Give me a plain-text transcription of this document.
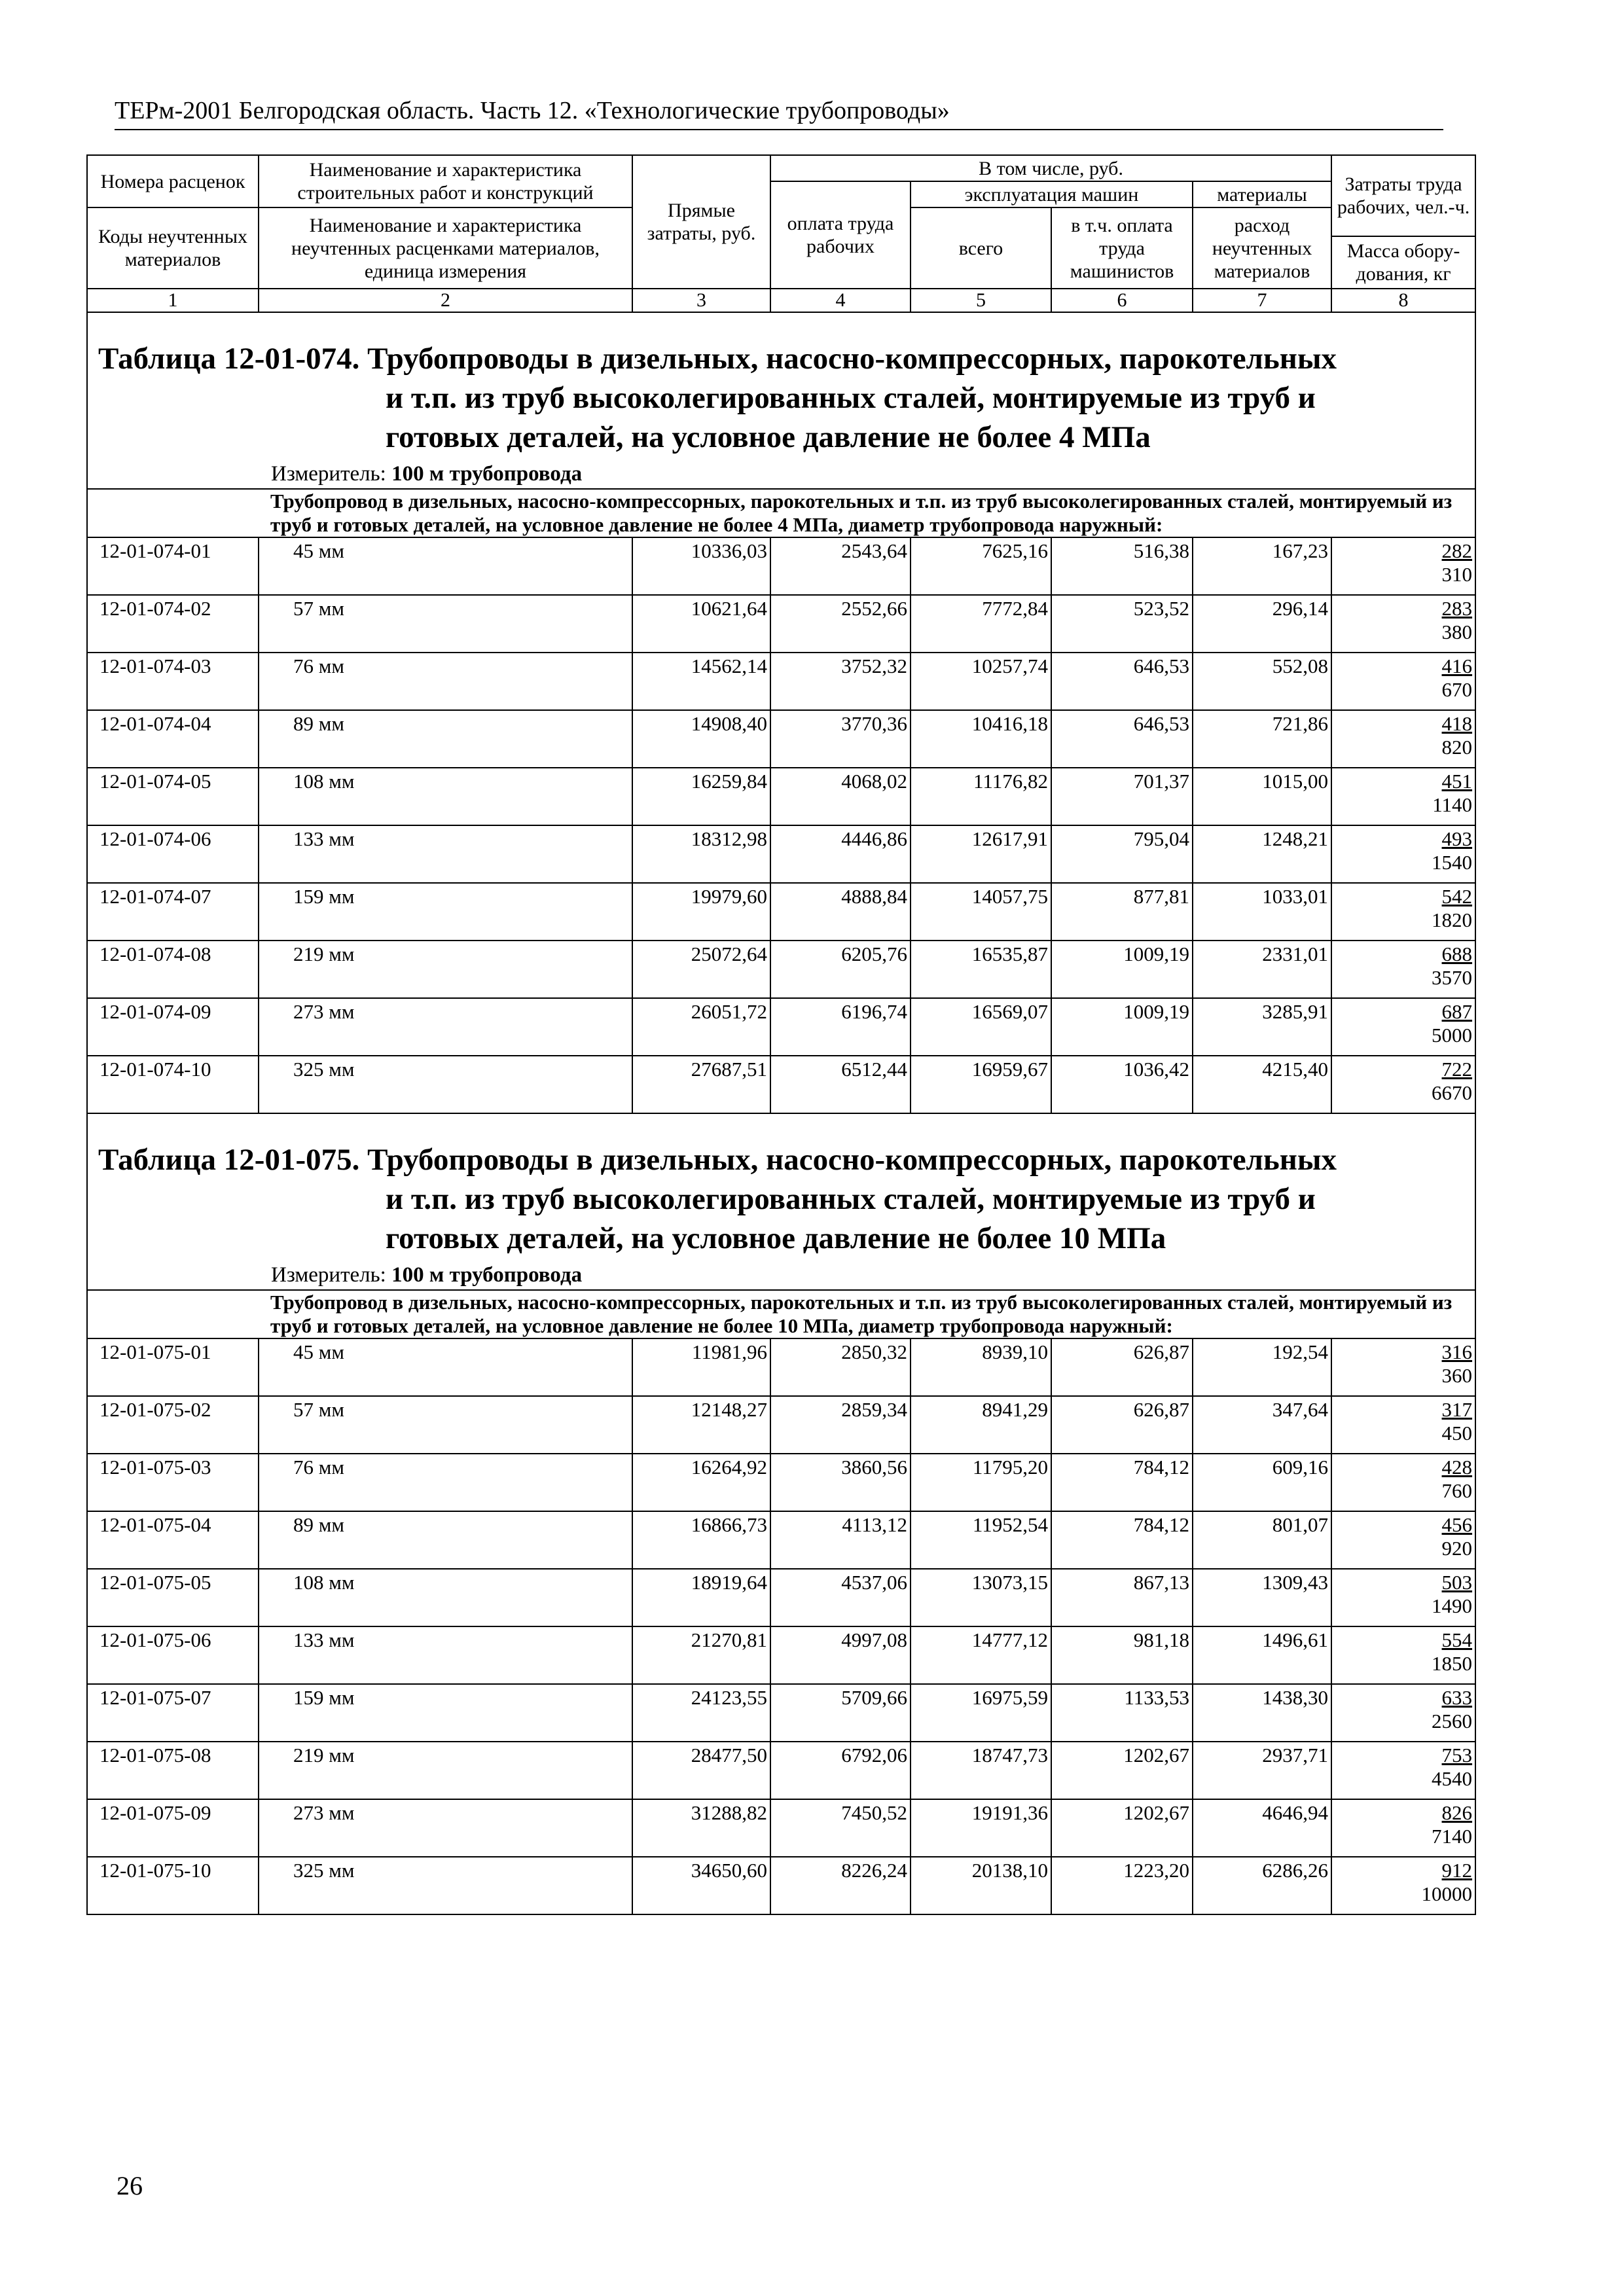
ТЕРм-2001 Белгородская область. Часть 12. «Технологические трубопроводы»
Номера расценок	Наименование и характеристика строительных работ и конструкций	Прямые затраты, руб.	В том числе, руб.				Затраты труда рабочих, чел.-ч.
			оплата труда рабочих	эксплуатация машин		материалы	
Коды неучтенных материалов	Наименование и характеристика неучтенных расценками материалов, единица измерения			всего	в т.ч. оплата труда машинистов	расход неучтенных материалов	
							Масса обору-дования, кг

1	2	3	4	5	6	7	8

Таблица 12-01-074. Трубопроводы в дизельных, насосно-компрессорных, парокотельных
и т.п. из труб высоколегированных сталей, монтируемые из труб и
готовых деталей, на условное давление не более 4 МПа
Измеритель: 100 м трубопровода							

	Трубопровод в дизельных, насосно-компрессорных, парокотельных и т.п. из труб высоколегированных сталей, монтируемый из труб и готовых деталей, на условное давление не более 4 МПа, диаметр трубопровода наружный:						
12-01-074-01	45 мм	10336,03	2543,64	7625,16	516,38	167,23	282
310

12-01-074-02	57 мм	10621,64	2552,66	7772,84	523,52	296,14	283
380

12-01-074-03	76 мм	14562,14	3752,32	10257,74	646,53	552,08	416
670

12-01-074-04	89 мм	14908,40	3770,36	10416,18	646,53	721,86	418
820

12-01-074-05	108 мм	16259,84	4068,02	11176,82	701,37	1015,00	451
1140

12-01-074-06	133 мм	18312,98	4446,86	12617,91	795,04	1248,21	493
1540

12-01-074-07	159 мм	19979,60	4888,84	14057,75	877,81	1033,01	542
1820

12-01-074-08	219 мм	25072,64	6205,76	16535,87	1009,19	2331,01	688
3570

12-01-074-09	273 мм	26051,72	6196,74	16569,07	1009,19	3285,91	687
5000

12-01-074-10	325 мм	27687,51	6512,44	16959,67	1036,42	4215,40	722
6670

Таблица 12-01-075. Трубопроводы в дизельных, насосно-компрессорных, парокотельных
и т.п. из труб высоколегированных сталей, монтируемые из труб и
готовых деталей, на условное давление не более 10 МПа
Измеритель: 100 м трубопровода							

	Трубопровод в дизельных, насосно-компрессорных, парокотельных и т.п. из труб высоколегированных сталей, монтируемый из труб и готовых деталей, на условное давление не более 10 МПа, диаметр трубопровода наружный:						
12-01-075-01	45 мм	11981,96	2850,32	8939,10	626,87	192,54	316
360

12-01-075-02	57 мм	12148,27	2859,34	8941,29	626,87	347,64	317
450

12-01-075-03	76 мм	16264,92	3860,56	11795,20	784,12	609,16	428
760

12-01-075-04	89 мм	16866,73	4113,12	11952,54	784,12	801,07	456
920

12-01-075-05	108 мм	18919,64	4537,06	13073,15	867,13	1309,43	503
1490

12-01-075-06	133 мм	21270,81	4997,08	14777,12	981,18	1496,61	554
1850

12-01-075-07	159 мм	24123,55	5709,66	16975,59	1133,53	1438,30	633
2560

12-01-075-08	219 мм	28477,50	6792,06	18747,73	1202,67	2937,71	753
4540

12-01-075-09	273 мм	31288,82	7450,52	19191,36	1202,67	4646,94	826
7140

12-01-075-10	325 мм	34650,60	8226,24	20138,10	1223,20	6286,26	912
10000
26
